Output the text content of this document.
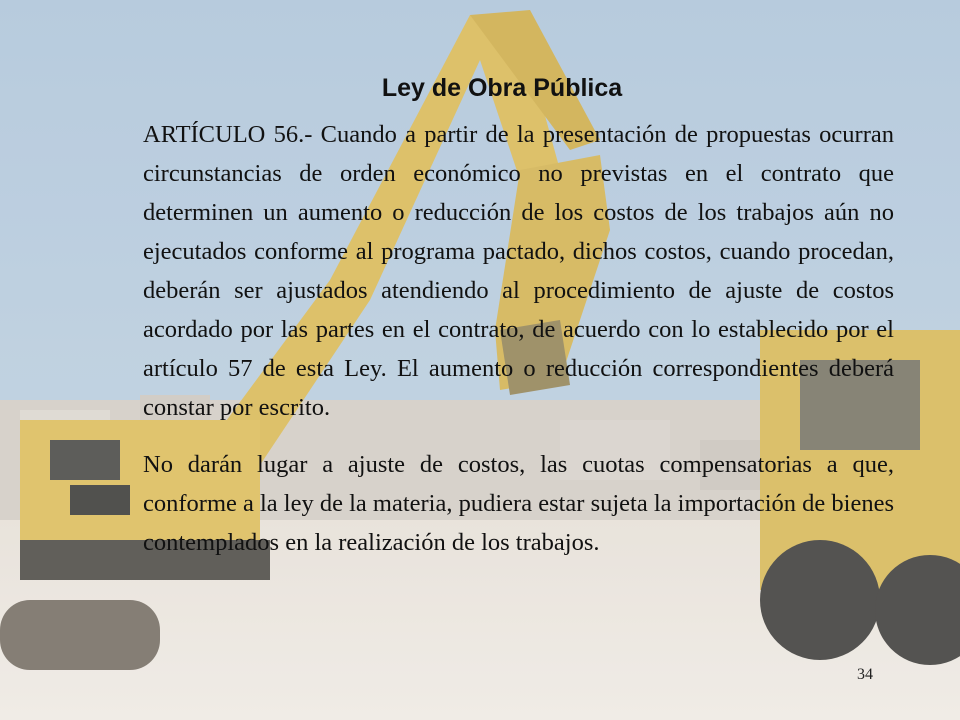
Ley de Obra Pública

ARTÍCULO 56.- Cuando a partir de la presentación de propuestas ocurran circunstancias de orden económico no previstas en el contrato que determinen un aumento o reducción de los costos de los trabajos aún no ejecutados conforme al programa pactado, dichos costos, cuando procedan, deberán ser ajustados atendiendo al procedimiento de ajuste de costos acordado por las partes en el contrato, de acuerdo con lo establecido por el artículo 57 de esta Ley. El aumento o reducción correspondientes deberá constar por escrito.

No darán lugar a ajuste de costos, las cuotas compensatorias a que, conforme a la ley de la materia, pudiera estar sujeta la importación de bienes contemplados en la realización de los trabajos.

34
